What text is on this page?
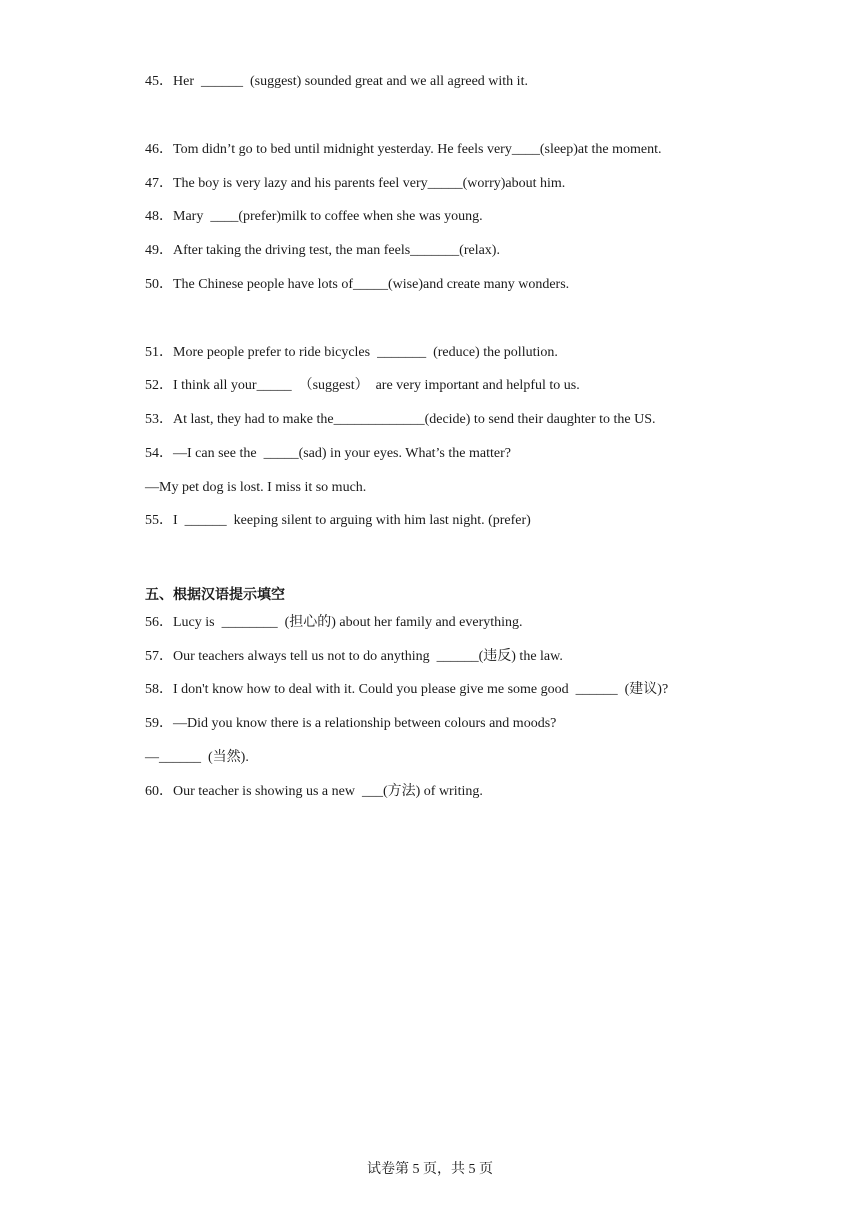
45．Her  ______  (suggest) sounded great and we all agreed with it.
46．Tom didn’t go to bed until midnight yesterday. He feels very____(sleep)at the moment.
47．The boy is very lazy and his parents feel very_____(worry)about him.
48．Mary  ____(prefer)milk to coffee when she was young.
49．After taking the driving test, the man feels_______(relax).
50．The Chinese people have lots of_____(wise)and create many wonders.
51．More people prefer to ride bicycles  _______  (reduce) the pollution.
52．I think all your_____  （suggest）  are very important and helpful to us.
53．At last, they had to make the_____________(decide) to send their daughter to the US.
54．—I can see the  _____(sad) in your eyes. What’s the matter?
—My pet dog is lost. I miss it so much.
55．I  ______  keeping silent to arguing with him last night. (prefer)
五、根据汉语提示填空
56．Lucy is  ________  (担心的) about her family and everything.
57．Our teachers always tell us not to do anything  ______(违反) the law.
58．I don't know how to deal with it. Could you please give me some good  ______  (建议)?
59．—Did you know there is a relationship between colours and moods?
—______  (当然).
60．Our teacher is showing us a new  ___(方法) of writing.
试卷第 5 页，共 5 页
